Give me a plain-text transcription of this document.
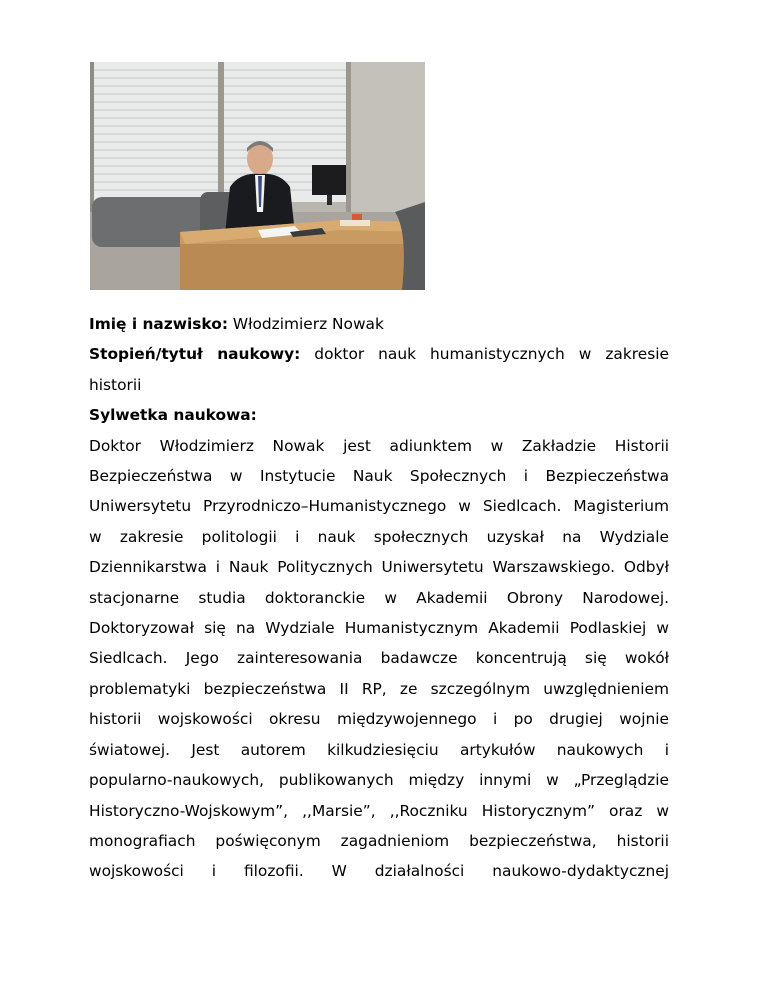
Imię i nazwisko: Włodzimierz Nowak
Stopień/tytuł naukowy: doktor nauk humanistycznych w zakresie
historii
Sylwetka naukowa:
Doktor Włodzimierz Nowak jest adiunktem w Zakładzie Historii
Bezpieczeństwa w Instytucie Nauk Społecznych i Bezpieczeństwa
Uniwersytetu Przyrodniczo–Humanistycznego w Siedlcach. Magisterium
w zakresie politologii i nauk społecznych uzyskał na Wydziale
Dziennikarstwa i Nauk Politycznych Uniwersytetu Warszawskiego. Odbył
stacjonarne studia doktoranckie w Akademii Obrony Narodowej.
Doktoryzował się na Wydziale Humanistycznym Akademii Podlaskiej w
Siedlcach. Jego zainteresowania badawcze koncentrują się wokół
problematyki bezpieczeństwa II RP, ze szczególnym uwzględnieniem
historii wojskowości okresu międzywojennego i po drugiej wojnie
światowej. Jest autorem kilkudziesięciu artykułów naukowych i
popularno-naukowych, publikowanych między innymi w „Przeglądzie
Historyczno-Wojskowym”, ,,Marsie”, ,,Roczniku Historycznym” oraz w
monografiach poświęconym zagadnieniom bezpieczeństwa, historii
wojskowości i filozofii. W działalności naukowo-dydaktycznej
